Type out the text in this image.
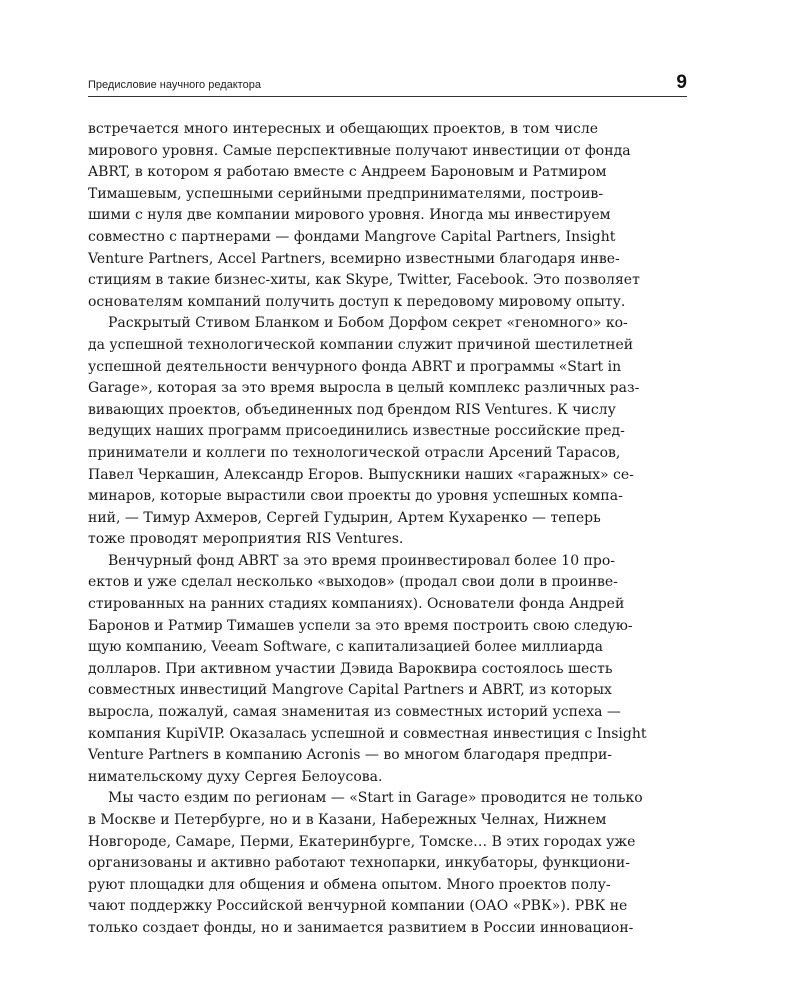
Предисловие научного редактора	9
встречается много интересных и обещающих проектов, в том числе
мирового уровня. Самые перспективные получают инвестиции от фонда
ABRT, в котором я работаю вместе с Андреем Бароновым и Ратмиром
Тимашевым, успешными серийными предпринимателями, построив-
шими с нуля две компании мирового уровня. Иногда мы инвестируем
совместно с партнерами — фондами Mangrove Capital Partners, Insight
Venture Partners, Accel Partners, всемирно известными благодаря инве-
стициям в такие бизнес-хиты, как Skype, Twitter, Facebook. Это позволяет
основателям компаний получить доступ к передовому мировому опыту.
Раскрытый Стивом Бланком и Бобом Дорфом секрет «геномного» ко-
да успешной технологической компании служит причиной шестилетней
успешной деятельности венчурного фонда ABRT и программы «Start in
Garage», которая за это время выросла в целый комплекс различных раз-
вивающих проектов, объединенных под брендом RIS Ventures. К числу
ведущих наших программ присоединились известные российские пред-
приниматели и коллеги по технологической отрасли Арсений Тарасов,
Павел Черкашин, Александр Егоров. Выпускники наших «гаражных» се-
минаров, которые вырастили свои проекты до уровня успешных компа-
ний, — Тимур Ахмеров, Сергей Гудырин, Артем Кухаренко — теперь
тоже проводят мероприятия RIS Ventures.
Венчурный фонд ABRT за это время проинвестировал более 10 про-
ектов и уже сделал несколько «выходов» (продал свои доли в проинве-
стированных на ранних стадиях компаниях). Основатели фонда Андрей
Баронов и Ратмир Тимашев успели за это время построить свою следую-
щую компанию, Veeam Software, с капитализацией более миллиарда
долларов. При активном участии Дэвида Вароквира состоялось шесть
совместных инвестиций Mangrove Capital Partners и ABRT, из которых
выросла, пожалуй, самая знаменитая из совместных историй успеха —
компания KupiVIP. Оказалась успешной и совместная инвестиция с Insight
Venture Partners в компанию Acronis — во многом благодаря предпри-
нимательскому духу Сергея Белоусова.
Мы часто ездим по регионам — «Start in Garage» проводится не только
в Москве и Петербурге, но и в Казани, Набережных Челнах, Нижнем
Новгороде, Самаре, Перми, Екатеринбурге, Томске… В этих городах уже
организованы и активно работают технопарки, инкубаторы, функциони-
руют площадки для общения и обмена опытом. Много проектов полу-
чают поддержку Российской венчурной компании (ОАО «РВК»). РВК не
только создает фонды, но и занимается развитием в России инновацион-
